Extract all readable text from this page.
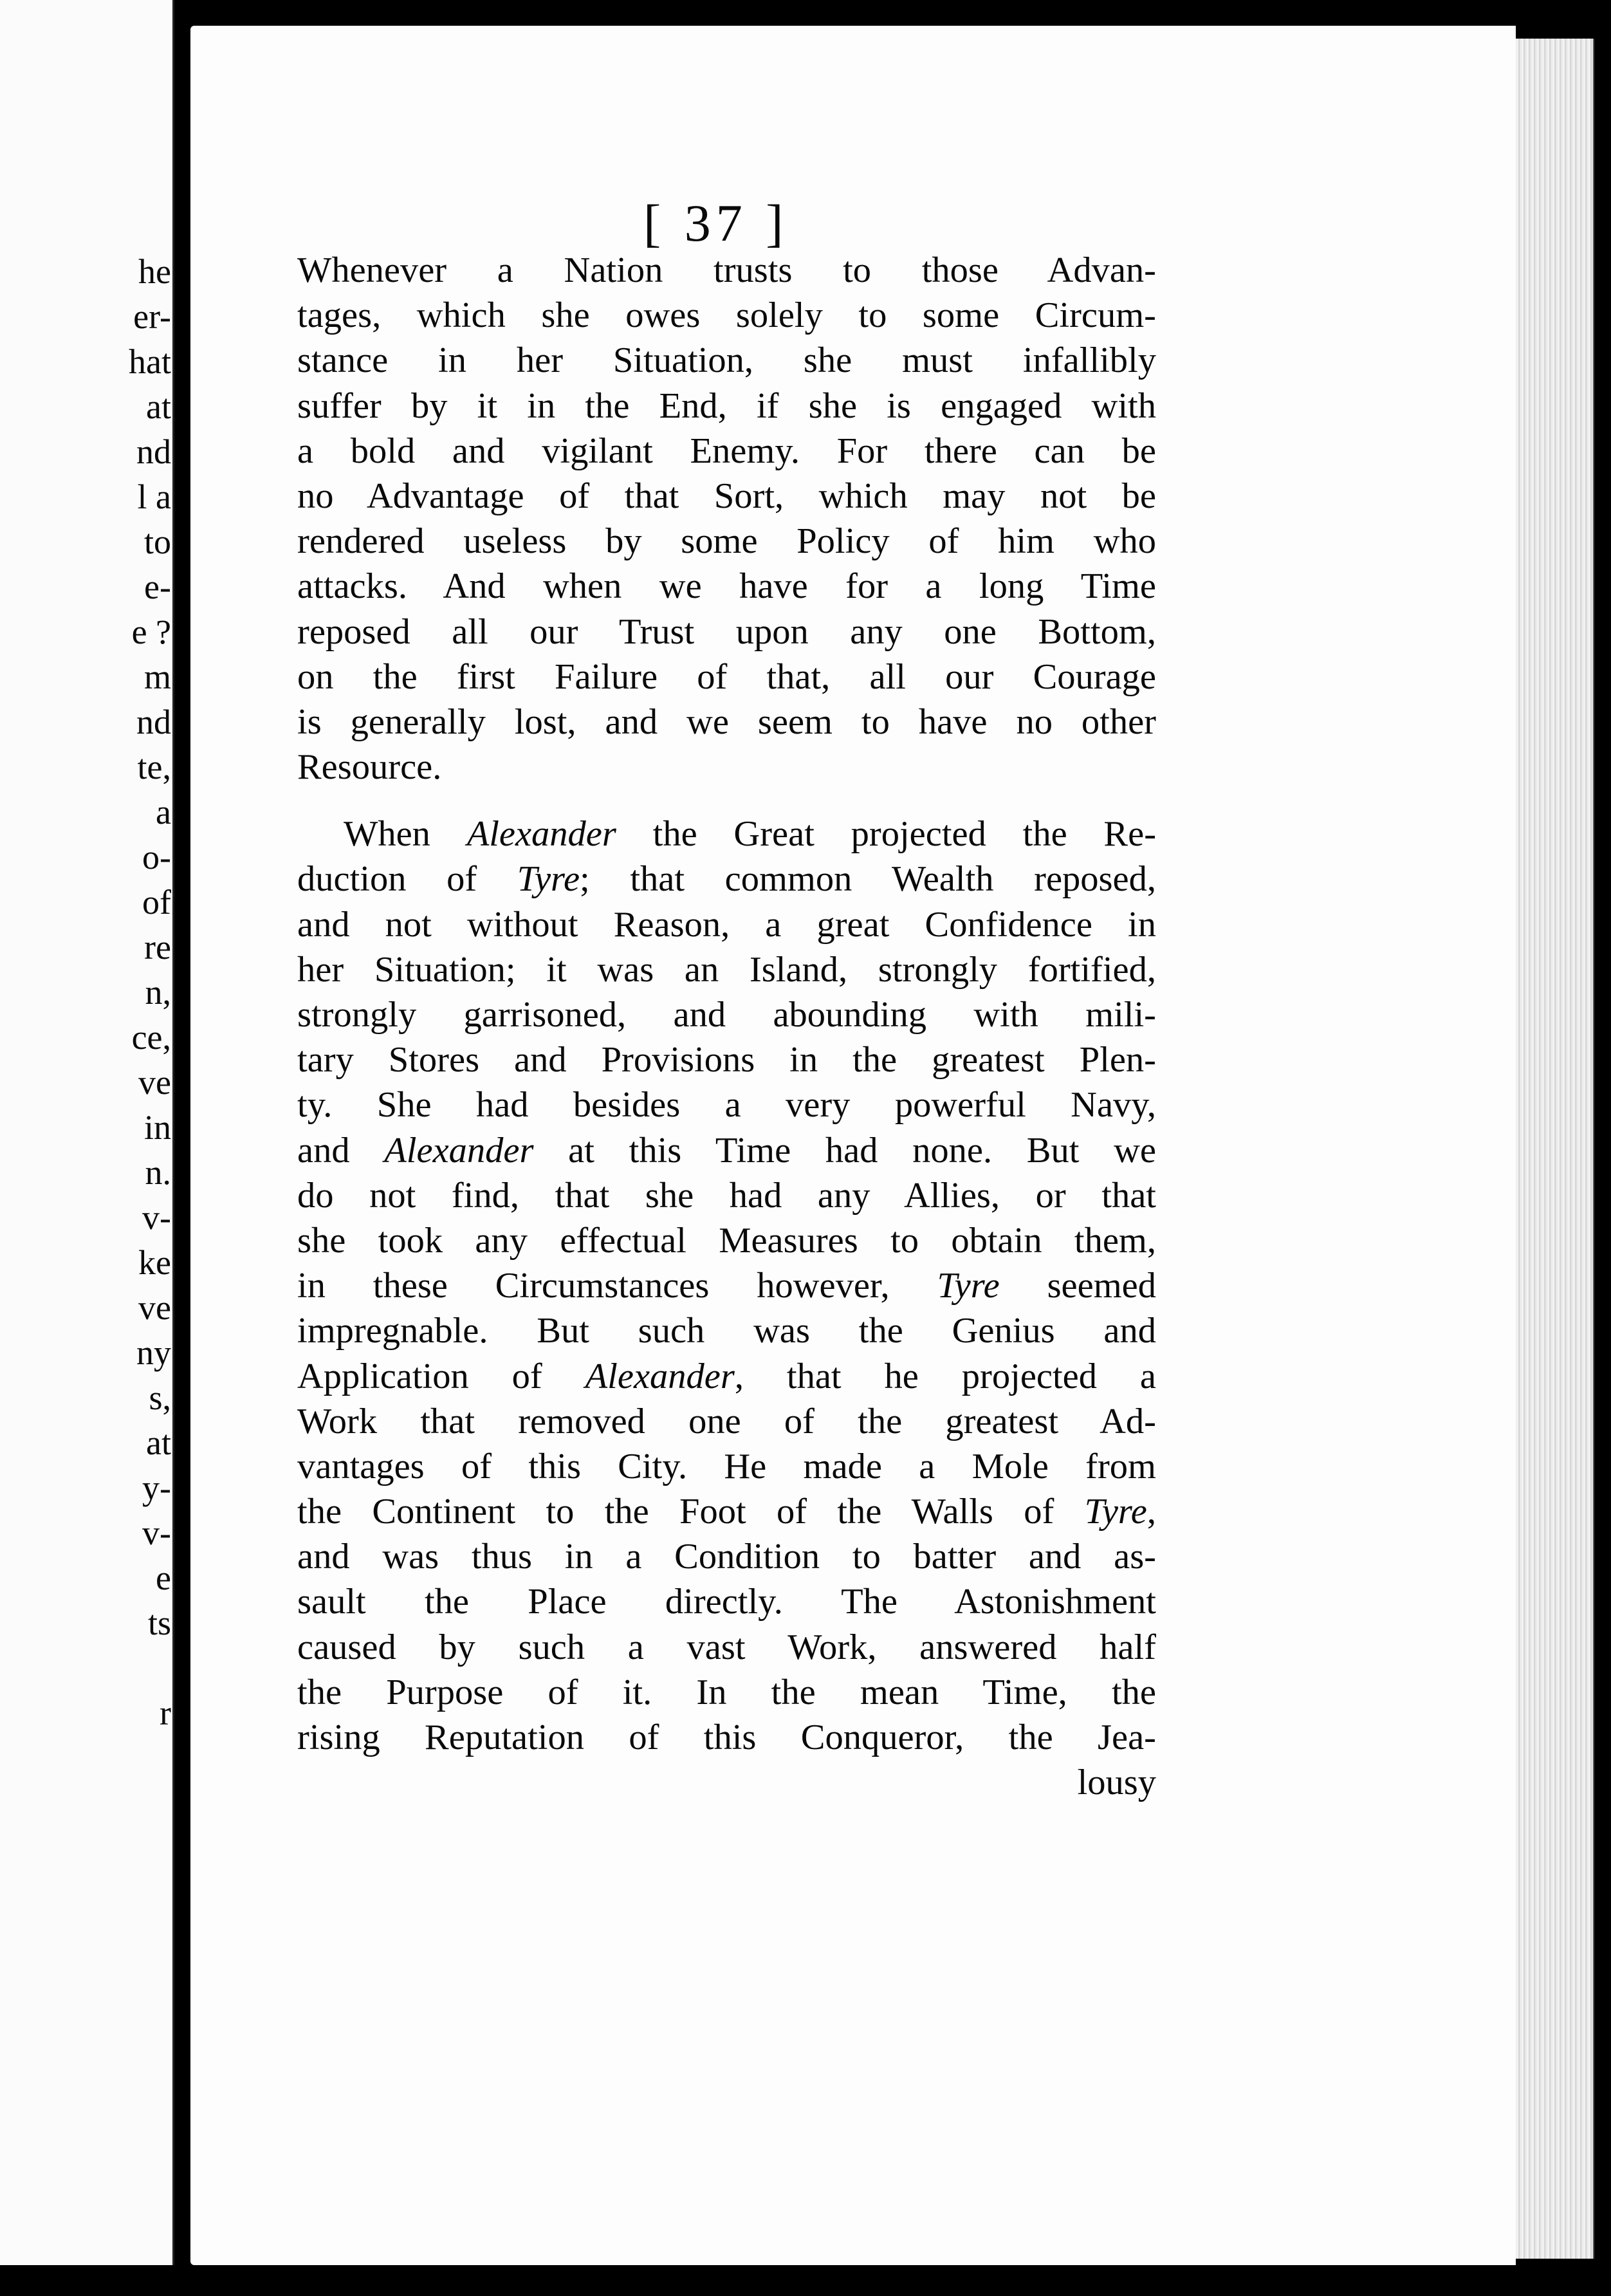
he
er-
hat
at
nd
l a
to
e-
e ?
m
nd
te,
a
o-
of
re
n,
ce,
ve
in
n.
v-
ke
ve
ny
s,
at
y-
v-
e
ts
r
[ 37 ]
Whenever a Nation trusts to those Advan-
tages, which she owes solely to some Circum-
stance in her Situation, she must infallibly
suffer by it in the End, if she is engaged with
a bold and vigilant Enemy. For there can be
no Advantage of that Sort, which may not be
rendered useless by some Policy of him who
attacks. And when we have for a long Time
reposed all our Trust upon any one Bottom,
on the first Failure of that, all our Courage
is generally lost, and we seem to have no other
Resource.
When Alexander the Great projected the Re-
duction of Tyre; that common Wealth reposed,
and not without Reason, a great Confidence in
her Situation; it was an Island, strongly fortified,
strongly garrisoned, and abounding with mili-
tary Stores and Provisions in the greatest Plen-
ty. She had besides a very powerful Navy,
and Alexander at this Time had none. But we
do not find, that she had any Allies, or that
she took any effectual Measures to obtain them,
in these Circumstances however, Tyre seemed
impregnable. But such was the Genius and
Application of Alexander, that he projected a
Work that removed one of the greatest Ad-
vantages of this City. He made a Mole from
the Continent to the Foot of the Walls of Tyre,
and was thus in a Condition to batter and as-
sault the Place directly. The Astonishment
caused by such a vast Work, answered half
the Purpose of it. In the mean Time, the
rising Reputation of this Conqueror, the Jea-
lousy
